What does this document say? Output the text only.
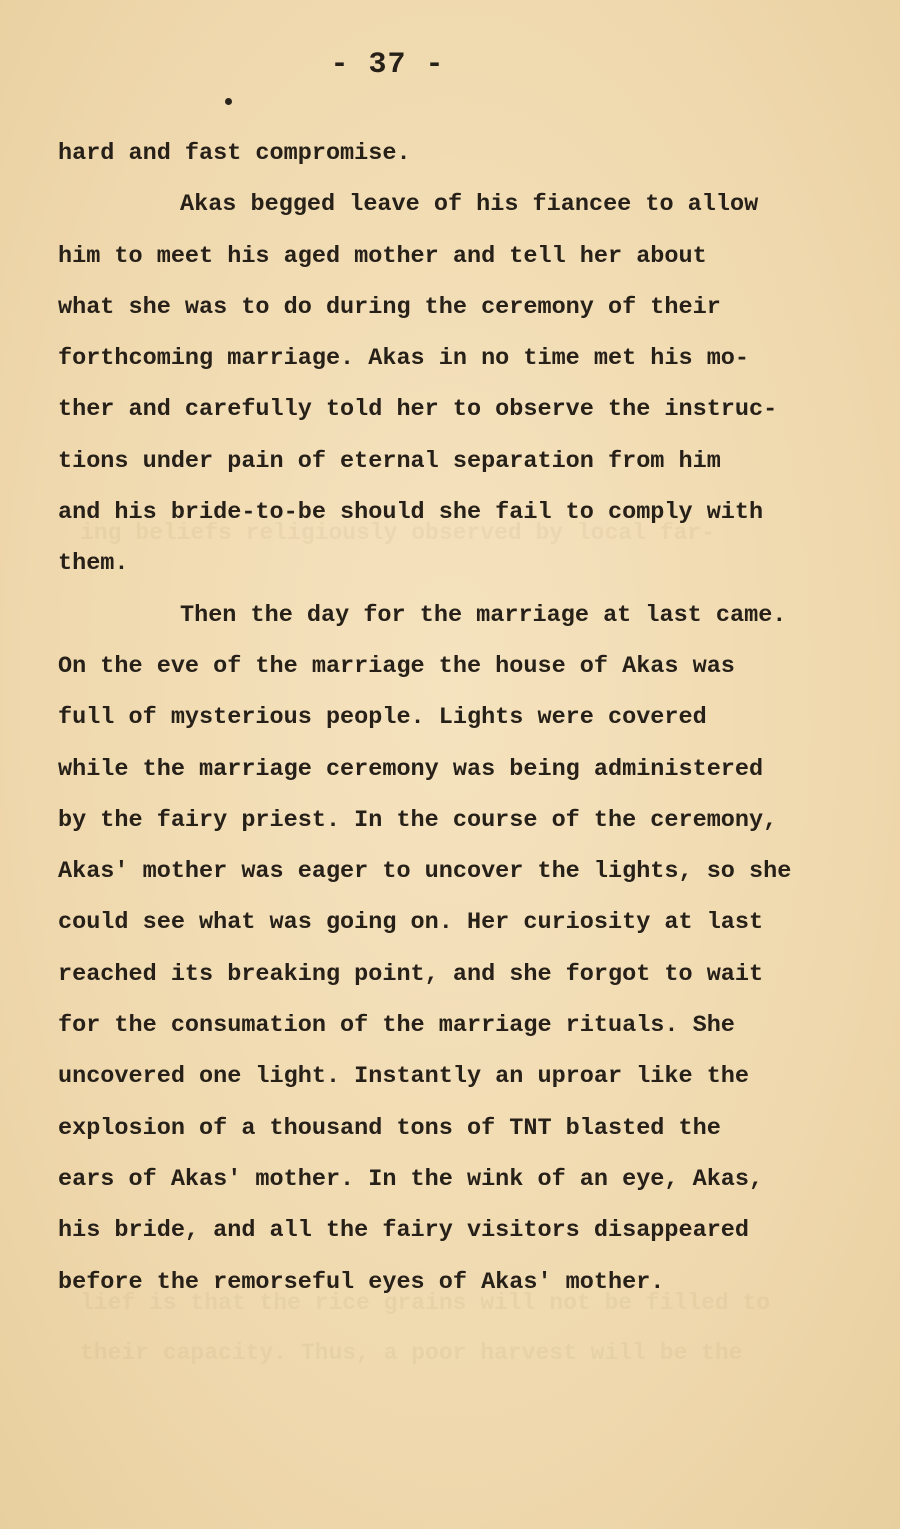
ing beliefs religiously observed by local far-
lief is that the rice grains will not be filled to
their capacity. Thus, a poor harvest will be the
- 37 -
hard and fast compromise.
Akas begged leave of his fiancee to allow
him to meet his aged mother and tell her about
what she was to do during the ceremony of their
forthcoming marriage. Akas in no time met his mo-
ther and carefully told her to observe the instruc-
tions under pain of eternal separation from him
and his bride-to-be should she fail to comply with
them.
Then the day for the marriage at last came.
On the eve of the marriage the house of Akas was
full of mysterious people. Lights were covered
while the marriage ceremony was being administered
by the fairy priest. In the course of the ceremony,
Akas' mother was eager to uncover the lights, so she
could see what was going on. Her curiosity at last
reached its breaking point, and she forgot to wait
for the consumation of the marriage rituals. She
uncovered one light. Instantly an uproar like the
explosion of a thousand tons of TNT blasted the
ears of Akas' mother. In the wink of an eye, Akas,
his bride, and all the fairy visitors disappeared
before the remorseful eyes of Akas' mother.
